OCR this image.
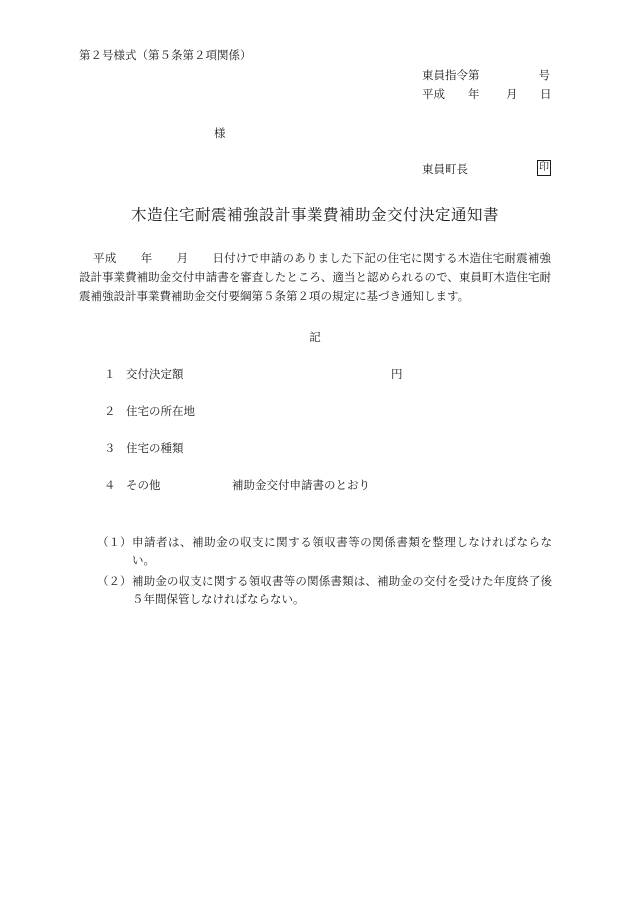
第２号様式（第５条第２項関係）
東員指令第	号
平成 年 月 日
様
東員町長	印
木造住宅耐震補強設計事業費補助金交付決定通知書

平成 年 月 日付けで申請のありました下記の住宅に関する木造住宅耐震補強設計事業費補助金交付申請書を審査したところ、適当と認められるので、東員町木造住宅耐震補強設計事業費補助金交付要綱第５条第２項の規定に基づき通知します。

記
１ 交付決定額	円
２ 住宅の所在地
３ 住宅の種類
４ その他	補助金交付申請書のとおり
（１） 申請者は、補助金の収支に関する領収書等の関係書類を整理しなければならない。
（２） 補助金の収支に関する領収書等の関係書類は、補助金の交付を受けた年度終了後５年間保管しなければならない。
